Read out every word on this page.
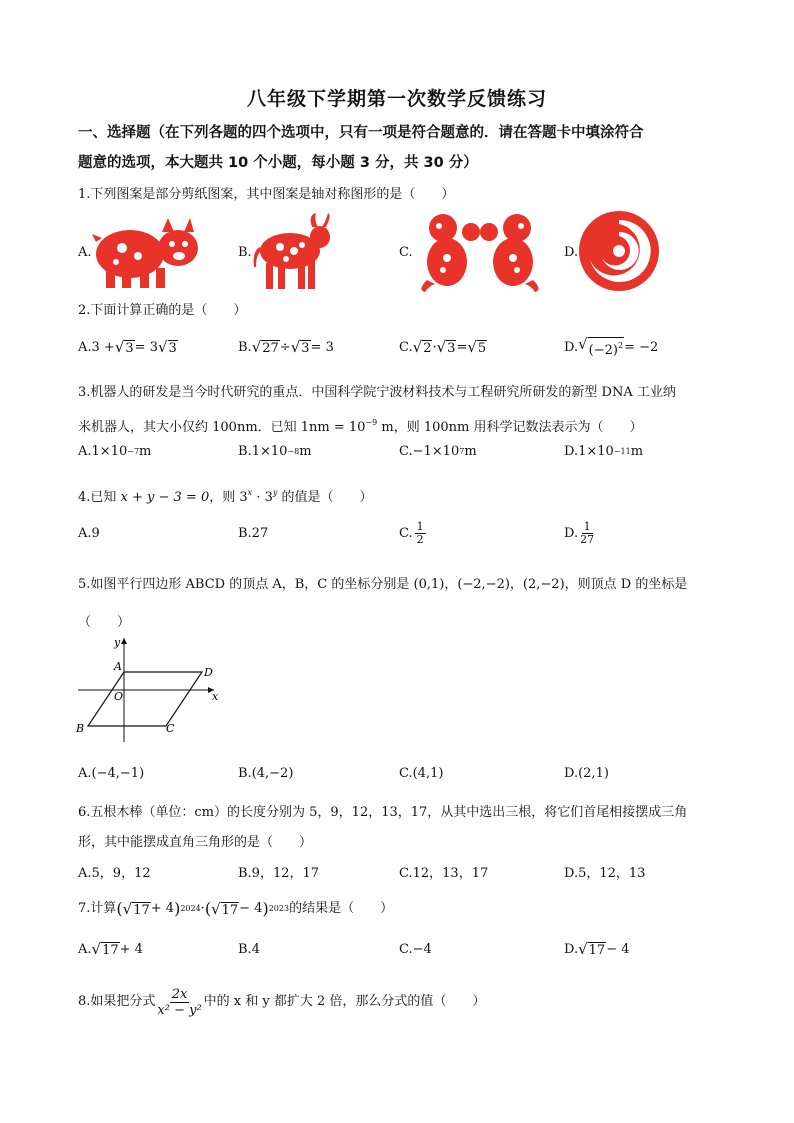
八年级下学期第一次数学反馈练习
一、选择题（在下列各题的四个选项中，只有一项是符合题意的．请在答题卡中填涂符合
题意的选项，本大题共 10 个小题，每小题 3 分，共 30 分）
1.下列图案是部分剪纸图案，其中图案是轴对称图形的是（　　）
A.	B.	C.	D.
2.下面计算正确的是（　　）
A. 3 + √ 3 = 3 √ 3	B. √ 27 ÷ √ 3 = 3	C. √ 2 · √ 3 = √ 5	D. √ $(-2)^2 = -2$
3.机器人的研发是当今时代研究的重点．中国科学院宁波材料技术与工程研究所研发的新型 DNA 工业纳
米机器人，其大小仅约 100nm．已知 $1nm = 10^{-9}$ m，则 100nm 用科学记数法表示为（　　）
A. 1×10 −7 m	B. 1×10 −8 m	C. −1×10 7 m	D. 1×10 −11 m
4.已知 x + y − 3 = 0，则 $3^x \cdot 3^y$ 的值是（　　）
A. 9	B. 27	C. $\frac{1}{2}$	D. $\frac{1}{27}$
5.如图平行四边形 ABCD 的顶点 A，B，C 的坐标分别是 (0,1)，(−2,−2)，(2,−2)，则顶点 D 的坐标是
（　　）
y
x
A	D
O
B	C
A. (−4,−1)	B. (4,−2)	C. (4,1)	D. (2,1)
6.五根木棒（单位：cm）的长度分别为 5，9，12，13，17，从其中选出三根，将它们首尾相接摆成三角
形，其中能摆成直角三角形的是（　　）
A.5，9，12	B.9，12，17	C.12，13，17	D.5，12，13
7.计算 ( √ 17 + 4 ) 2024 · ( √ 17 − 4 ) 2023 的结果是（　　）
A. √ 17 + 4	B. 4	C. −4	D. √ 17 − 4
8.如果把分式 $\frac{2x}{\text{x² − y²}}$ 中的 x 和 y 都扩大 2 倍，那么分式的值（　　）
